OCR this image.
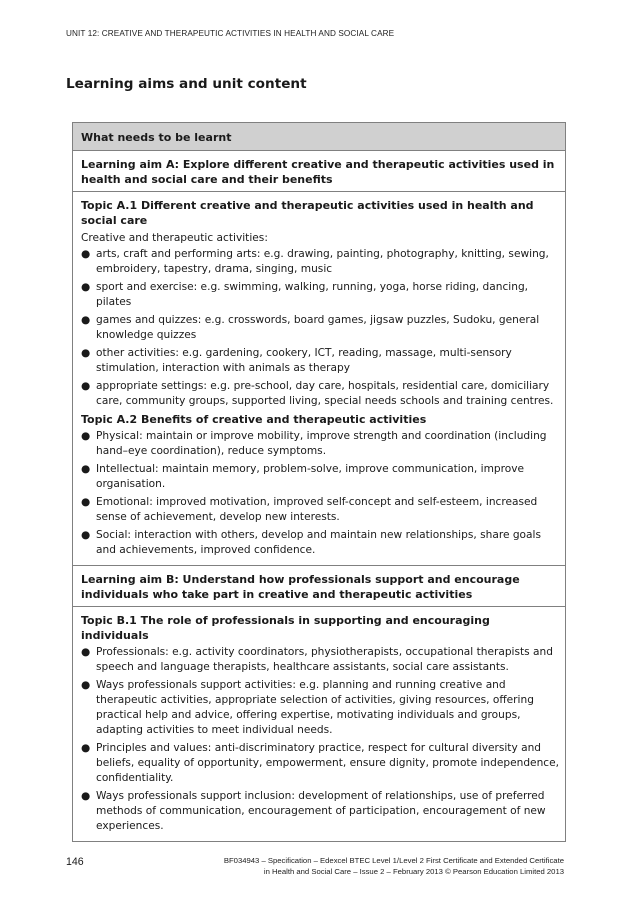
UNIT 12: CREATIVE AND THERAPEUTIC ACTIVITIES IN HEALTH AND SOCIAL CARE
Learning aims and unit content
What needs to be learnt
Learning aim A: Explore different creative and therapeutic activities used in health and social care and their benefits
Topic A.1 Different creative and therapeutic activities used in health and social care
Creative and therapeutic activities:
● arts, craft and performing arts: e.g. drawing, painting, photography, knitting, sewing, embroidery, tapestry, drama, singing, music
● sport and exercise: e.g. swimming, walking, running, yoga, horse riding, dancing, pilates
● games and quizzes: e.g. crosswords, board games, jigsaw puzzles, Sudoku, general knowledge quizzes
● other activities: e.g. gardening, cookery, ICT, reading, massage, multi-sensory stimulation, interaction with animals as therapy
● appropriate settings: e.g. pre-school, day care, hospitals, residential care, domiciliary care, community groups, supported living, special needs schools and training centres.
Topic A.2 Benefits of creative and therapeutic activities
● Physical: maintain or improve mobility, improve strength and coordination (including hand–eye coordination), reduce symptoms.
● Intellectual: maintain memory, problem-solve, improve communication, improve organisation.
● Emotional: improved motivation, improved self-concept and self-esteem, increased sense of achievement, develop new interests.
● Social: interaction with others, develop and maintain new relationships, share goals and achievements, improved confidence.
Learning aim B: Understand how professionals support and encourage individuals who take part in creative and therapeutic activities
Topic B.1 The role of professionals in supporting and encouraging individuals
● Professionals: e.g. activity coordinators, physiotherapists, occupational therapists and speech and language therapists, healthcare assistants, social care assistants.
● Ways professionals support activities: e.g. planning and running creative and therapeutic activities, appropriate selection of activities, giving resources, offering practical help and advice, offering expertise, motivating individuals and groups, adapting activities to meet individual needs.
● Principles and values: anti-discriminatory practice, respect for cultural diversity and beliefs, equality of opportunity, empowerment, ensure dignity, promote independence, confidentiality.
● Ways professionals support inclusion: development of relationships, use of preferred methods of communication, encouragement of participation, encouragement of new experiences.
146	BF034943 – Specification – Edexcel BTEC Level 1/Level 2 First Certificate and Extended Certificate
in Health and Social Care – Issue 2 – February 2013 © Pearson Education Limited 2013
